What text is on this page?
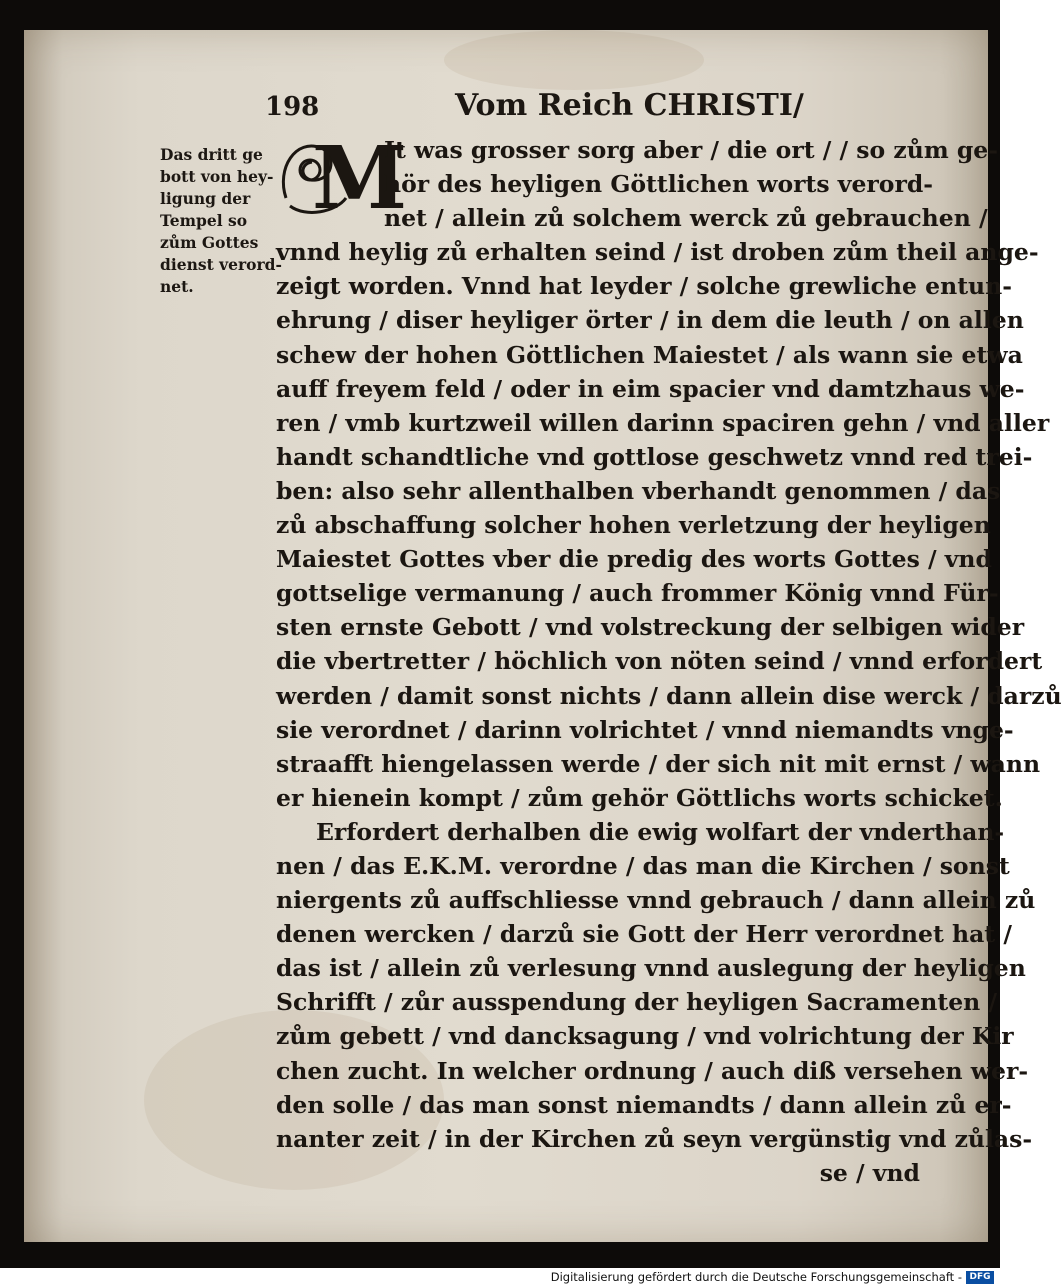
198	Vom Reich CHRISTI/
Das dritt ge
bott von hey-
ligung der
Tempel so
zům Gottes
dienst verord-
net.
M
It was grosser sorg aber / die ort / / so zům ge-
hör des heyligen Göttlichen worts verord-
net / allein zů solchem werck zů gebrauchen /
vnnd heylig zů erhalten seind / ist droben zům theil ange-
zeigt worden. Vnnd hat leyder / solche grewliche entun-
ehrung / diser heyliger örter / in dem die leuth / on allen
schew der hohen Göttlichen Maiestet / als wann sie etwa
auff freyem feld / oder in eim spacier vnd damtzhaus we-
ren / vmb kurtzweil willen darinn spaciren gehn / vnd aller
handt schandtliche vnd gottlose geschwetz vnnd red trei-
ben: also sehr allenthalben vberhandt genommen / das
zů abschaffung solcher hohen verletzung der heyligen
Maiestet Gottes vber die predig des worts Gottes / vnd
gottselige vermanung / auch frommer König vnnd Für-
sten ernste Gebott / vnd volstreckung der selbigen wider
die vbertretter / höchlich von nöten seind / vnnd erfordert
werden / damit sonst nichts / dann allein dise werck / darzů
sie verordnet / darinn volrichtet / vnnd niemandts vnge-
straafft hiengelassen werde / der sich nit mit ernst / wann
er hienein kompt / zům gehör Göttlichs worts schicket.
Erfordert derhalben die ewig wolfart der vnderthan-
nen / das E.K.M. verordne / das man die Kirchen / sonst
niergents zů auffschliesse vnnd gebrauch / dann allein zů
denen wercken / darzů sie Gott der Herr verordnet hat /
das ist / allein zů verlesung vnnd auslegung der heyligen
Schrifft / zůr ausspendung der heyligen Sacramenten /
zům gebett / vnd dancksagung / vnd volrichtung der Kir
chen zucht. In welcher ordnung / auch diß versehen wer-
den solle / das man sonst niemandts / dann allein zů er-
nanter zeit / in der Kirchen zů seyn vergünstig vnd zůlas-
se / vnd
Digitalisierung gefördert durch die Deutsche Forschungsgemeinschaft - DFG
